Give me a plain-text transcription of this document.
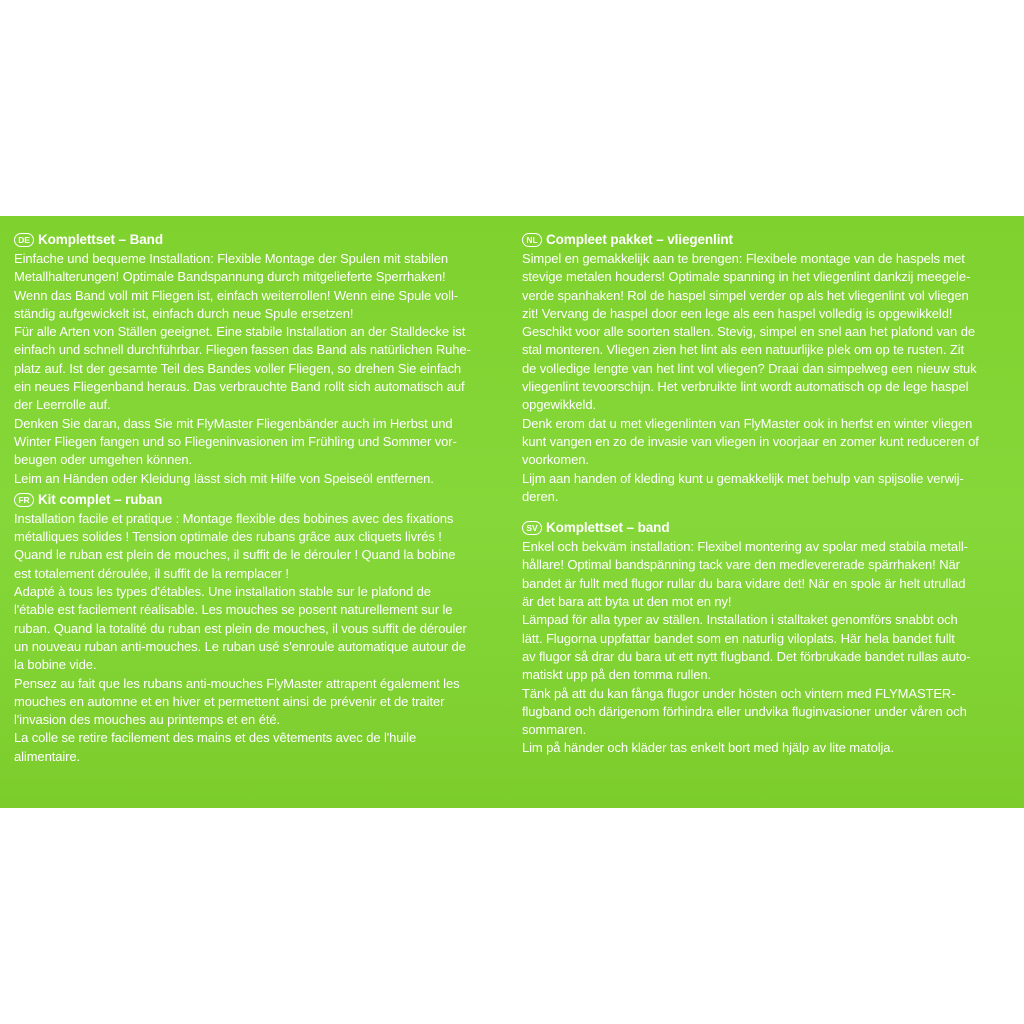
DE Komplettset – Band
Einfache und bequeme Installation: Flexible Montage der Spulen mit stabilen
Metallhalterungen! Optimale Bandspannung durch mitgelieferte Sperrhaken!
Wenn das Band voll mit Fliegen ist, einfach weiterrollen! Wenn eine Spule voll-
ständig aufgewickelt ist, einfach durch neue Spule ersetzen!
Für alle Arten von Ställen geeignet. Eine stabile Installation an der Stalldecke ist
einfach und schnell durchführbar. Fliegen fassen das Band als natürlichen Ruhe-
platz auf. Ist der gesamte Teil des Bandes voller Fliegen, so drehen Sie einfach
ein neues Fliegenband heraus. Das verbrauchte Band rollt sich automatisch auf
der Leerrolle auf.
Denken Sie daran, dass Sie mit FlyMaster Fliegenbänder auch im Herbst und
Winter Fliegen fangen und so Fliegeninvasionen im Frühling und Sommer vor-
beugen oder umgehen können.
Leim an Händen oder Kleidung lässt sich mit Hilfe von Speiseöl entfernen.
FR Kit complet – ruban
Installation facile et pratique : Montage flexible des bobines avec des fixations
métalliques solides ! Tension optimale des rubans grâce aux cliquets livrés !
Quand le ruban est plein de mouches, il suffit de le dérouler ! Quand la bobine
est totalement déroulée, il suffit de la remplacer !
Adapté à tous les types d'étables. Une installation stable sur le plafond de
l'étable est facilement réalisable. Les mouches se posent naturellement sur le
ruban. Quand la totalité du ruban est plein de mouches, il vous suffit de dérouler
un nouveau ruban anti-mouches. Le ruban usé s'enroule automatique autour de
la bobine vide.
Pensez au fait que les rubans anti-mouches FlyMaster attrapent également les
mouches en automne et en hiver et permettent ainsi de prévenir et de traiter
l'invasion des mouches au printemps et en été.
La colle se retire facilement des mains et des vêtements avec de l'huile
alimentaire.
NL Compleet pakket – vliegenlint
Simpel en gemakkelijk aan te brengen: Flexibele montage van de haspels met
stevige metalen houders! Optimale spanning in het vliegenlint dankzij meegele-
verde spanhaken! Rol de haspel simpel verder op als het vliegenlint vol vliegen
zit! Vervang de haspel door een lege als een haspel volledig is opgewikkeld!
Geschikt voor alle soorten stallen. Stevig, simpel en snel aan het plafond van de
stal monteren. Vliegen zien het lint als een natuurlijke plek om op te rusten. Zit
de volledige lengte van het lint vol vliegen? Draai dan simpelweg een nieuw stuk
vliegenlint tevoorschijn. Het verbruikte lint wordt automatisch op de lege haspel
opgewikkeld.
Denk erom dat u met vliegenlinten van FlyMaster ook in herfst en winter vliegen
kunt vangen en zo de invasie van vliegen in voorjaar en zomer kunt reduceren of
voorkomen.
Lijm aan handen of kleding kunt u gemakkelijk met behulp van spijsolie verwij-
deren.
SV Komplettset – band
Enkel och bekväm installation: Flexibel montering av spolar med stabila metall-
hållare! Optimal bandspänning tack vare den medlevererade spärrhaken! När
bandet är fullt med flugor rullar du bara vidare det! När en spole är helt utrullad
är det bara att byta ut den mot en ny!
Lämpad för alla typer av ställen. Installation i stalltaket genomförs snabbt och
lätt. Flugorna uppfattar bandet som en naturlig viloplats. Här hela bandet fullt
av flugor så drar du bara ut ett nytt flugband. Det förbrukade bandet rullas auto-
matiskt upp på den tomma rullen.
Tänk på att du kan fånga flugor under hösten och vintern med FLYMASTER-
flugband och därigenom förhindra eller undvika fluginvasioner under våren och
sommaren.
Lim på händer och kläder tas enkelt bort med hjälp av lite matolja.
